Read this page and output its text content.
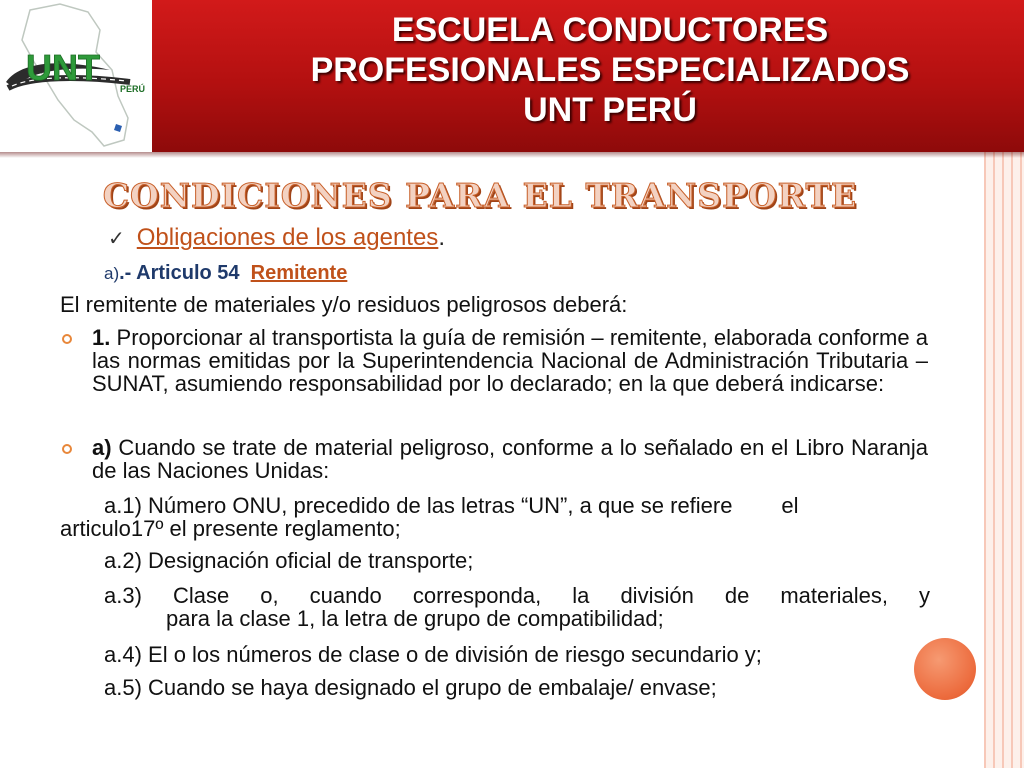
UNT
PERÚ
ESCUELA CONDUCTORES
PROFESIONALES ESPECIALIZADOS
UNT PERÚ
CONDICIONES PARA EL TRANSPORTE
✓ Obligaciones de los agentes.
a).- Articulo 54  Remitente
El remitente de materiales y/o residuos peligrosos deberá:
1. Proporcionar al transportista la guía de remisión – remitente, elaborada conforme a las normas emitidas por la Superintendencia Nacional de Administración Tributaria – SUNAT, asumiendo responsabilidad por lo declarado; en la que deberá indicarse:
a) Cuando se trate de material peligroso, conforme a lo señalado en el Libro Naranja de las Naciones Unidas:
a.1) Número ONU, precedido de las letras “UN”, a que se refiere        el
articulo17º el presente reglamento;
a.2) Designación oficial de transporte;
a.3) Clase o, cuando corresponda, la división de materiales, y
para la clase 1, la letra de grupo de compatibilidad;
a.4) El o los números de clase o de división de riesgo secundario y;
a.5) Cuando se haya designado el grupo de embalaje/ envase;
